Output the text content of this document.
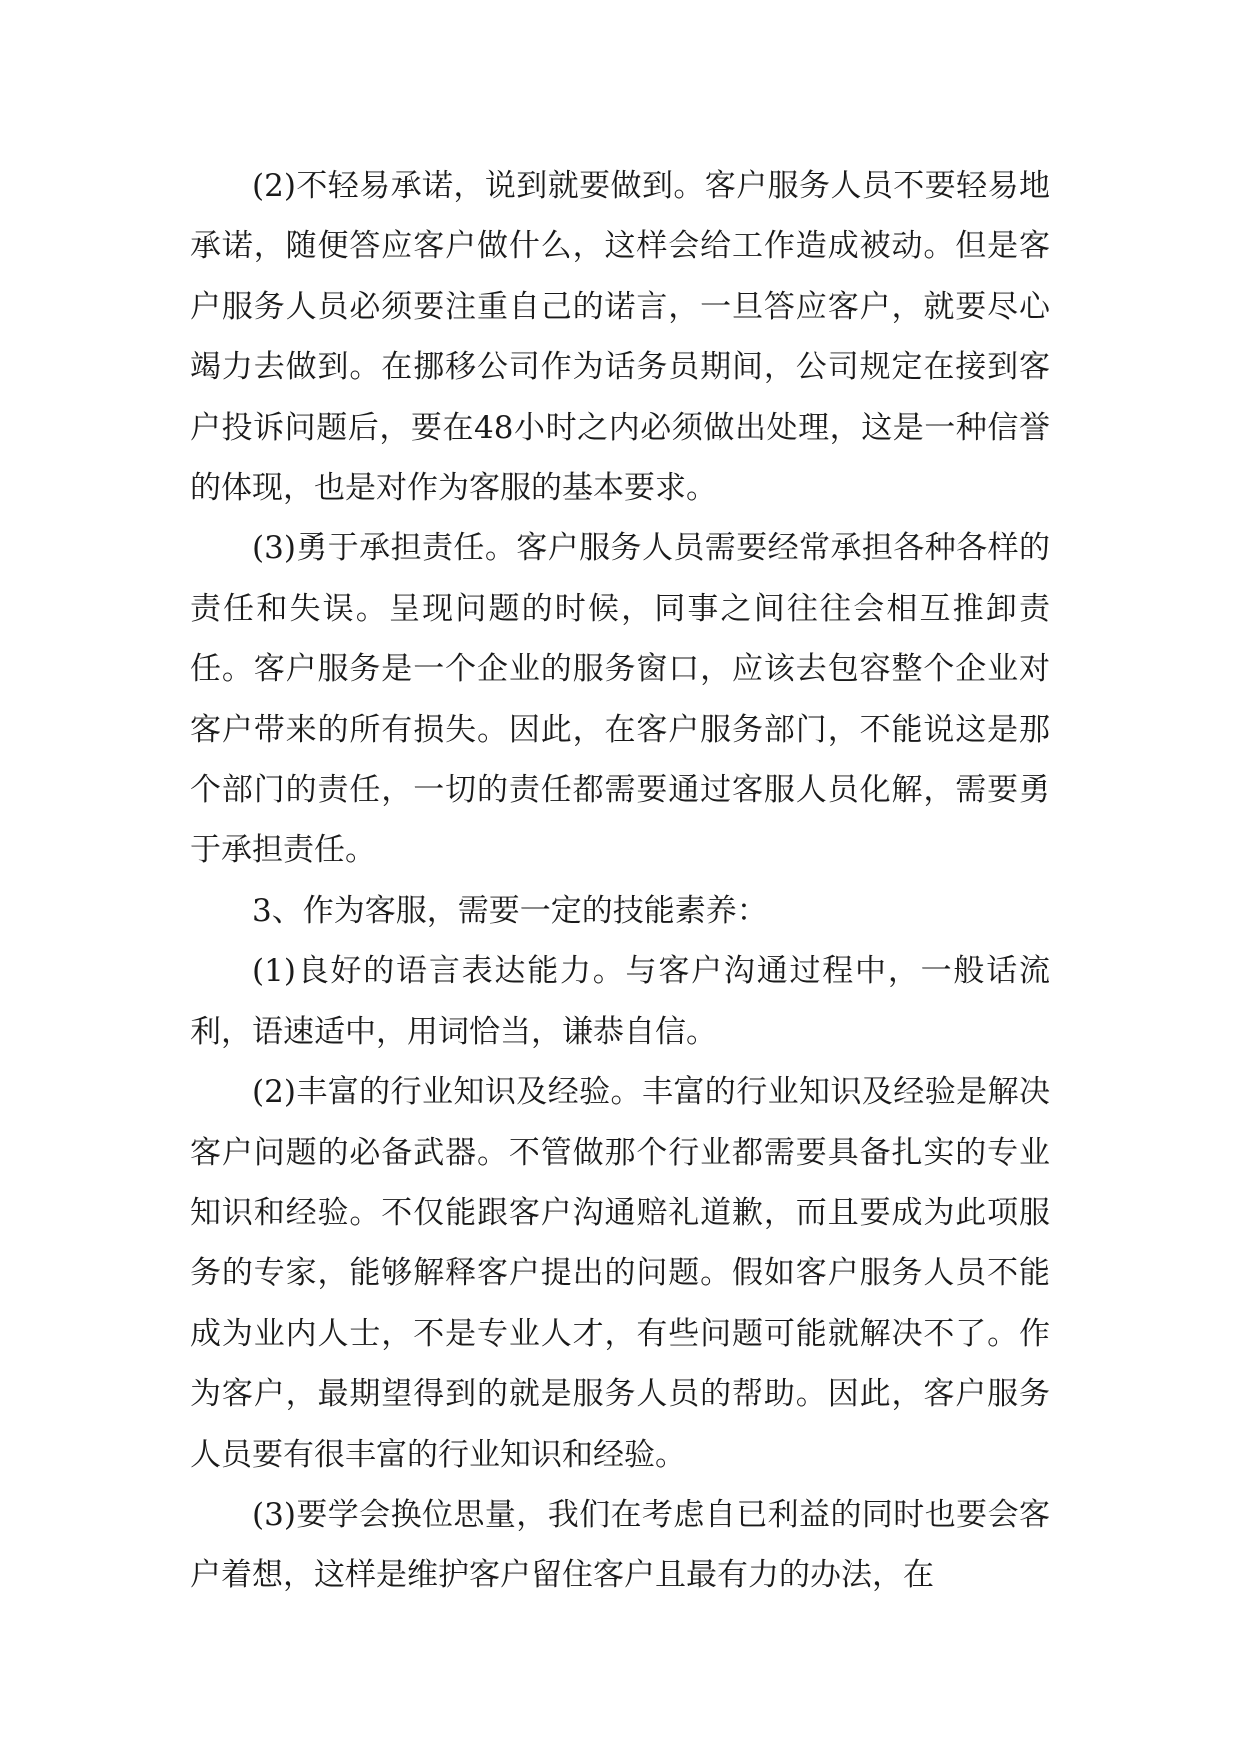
(2)不轻易承诺，说到就要做到。客户服务人员不要轻易地承诺，随便答应客户做什么，这样会给工作造成被动。但是客户服务人员必须要注重自己的诺言，一旦答应客户，就要尽心竭力去做到。在挪移公司作为话务员期间，公司规定在接到客户投诉问题后，要在48小时之内必须做出处理，这是一种信誉的体现，也是对作为客服的基本要求。

(3)勇于承担责任。客户服务人员需要经常承担各种各样的责任和失误。呈现问题的时候，同事之间往往会相互推卸责任。客户服务是一个企业的服务窗口，应该去包容整个企业对客户带来的所有损失。因此，在客户服务部门，不能说这是那个部门的责任，一切的责任都需要通过客服人员化解，需要勇于承担责任。

3、作为客服，需要一定的技能素养：

(1)良好的语言表达能力。与客户沟通过程中，一般话流利，语速适中，用词恰当，谦恭自信。

(2)丰富的行业知识及经验。丰富的行业知识及经验是解决客户问题的必备武器。不管做那个行业都需要具备扎实的专业知识和经验。不仅能跟客户沟通赔礼道歉，而且要成为此项服务的专家，能够解释客户提出的问题。假如客户服务人员不能成为业内人士，不是专业人才，有些问题可能就解决不了。作为客户，最期望得到的就是服务人员的帮助。因此，客户服务人员要有很丰富的行业知识和经验。

(3)要学会换位思量，我们在考虑自已利益的同时也要会客户着想，这样是维护客户留住客户且最有力的办法，在
